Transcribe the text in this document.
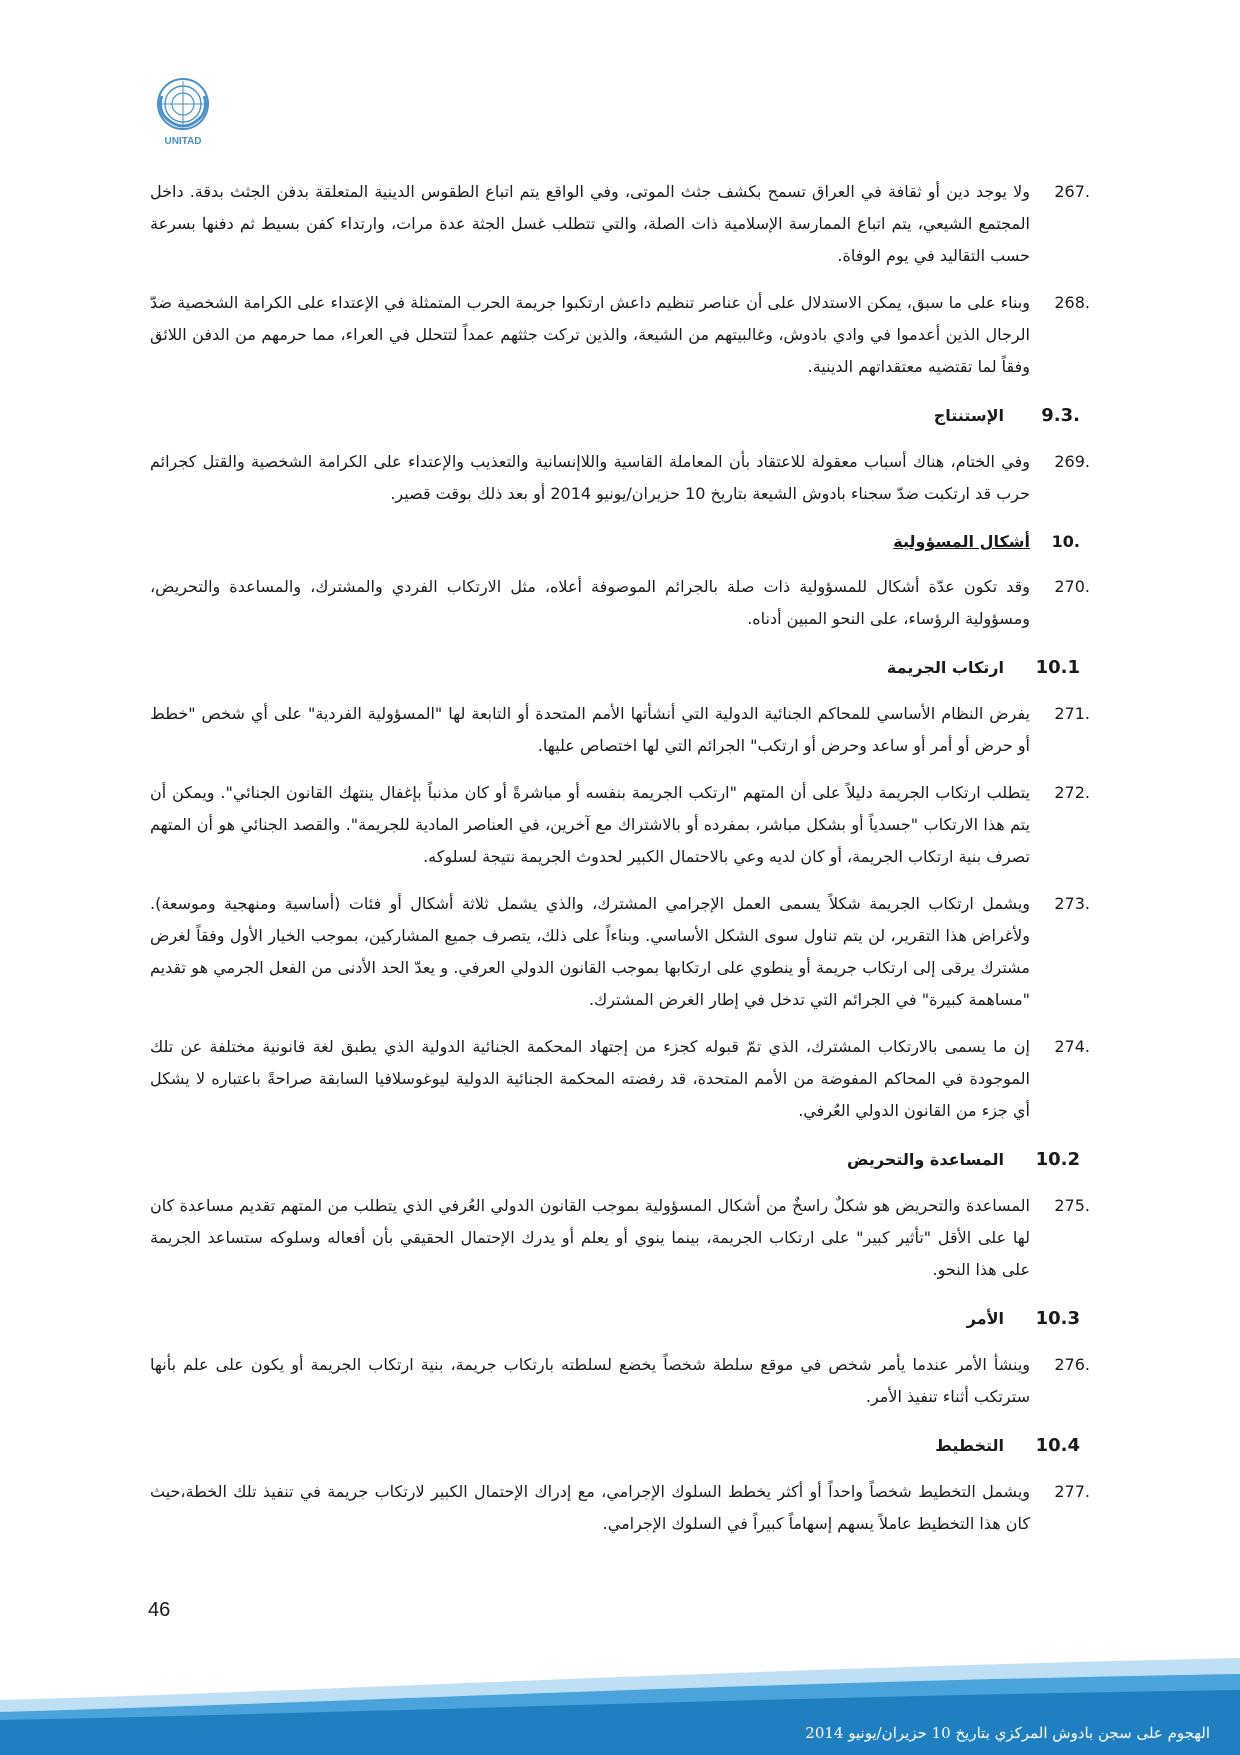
UNITAD
267.
ولا يوجد دين أو ثقافة في العراق تسمح بكشف جثث الموتى، وفي الواقع يتم اتباع الطقوس الدينية المتعلقة بدفن الجثث بدقة. داخل المجتمع الشيعي، يتم اتباع الممارسة الإسلامية ذات الصلة، والتي تتطلب غسل الجثة عدة مرات، وارتداء كفن بسيط ثم دفنها بسرعة حسب التقاليد في يوم الوفاة.
268.
وبناء على ما سبق، يمكن الاستدلال على أن عناصر تنظيم داعش ارتكبوا جريمة الحرب المتمثلة في الإعتداء على الكرامة الشخصية ضدّ الرجال الذين أعدموا في وادي بادوش، وغالبيتهم من الشيعة، والذين تركت جثثهم عمداً لتتحلل في العراء، مما حرمهم من الدفن اللائق وفقاً لما تقتضيه معتقداتهم الدينية.
9.3.
الإستنتاج
269.
وفي الختام، هناك أسباب معقولة للاعتقاد بأن المعاملة القاسية واللاإنسانية والتعذيب والإعتداء على الكرامة الشخصية والقتل كجرائم حرب قد ارتكبت ضدّ سجناء بادوش الشيعة بتاريخ 10 حزيران/يونيو 2014 أو بعد ذلك بوقت قصير.
10.
أشكال المسؤولية
270.
وقد تكون عدّة أشكال للمسؤولية ذات صلة بالجرائم الموصوفة أعلاه، مثل الارتكاب الفردي والمشترك، والمساعدة والتحريض، ومسؤولية الرؤساء، على النحو المبين أدناه.
10.1
ارتكاب الجريمة
271.
يفرض النظام الأساسي للمحاكم الجنائية الدولية التي أنشأتها الأمم المتحدة أو التابعة لها "المسؤولية الفردية" على أي شخص "خطط أو حرض أو أمر أو ساعد وحرض أو ارتكب" الجرائم التي لها اختصاص عليها.
272.
يتطلب ارتكاب الجريمة دليلاً على أن المتهم "ارتكب الجريمة بنفسه أو مباشرةً أو كان مذنباً بإغفال ينتهك القانون الجنائي". ويمكن أن يتم هذا الارتكاب "جسدياً أو بشكل مباشر، بمفرده أو بالاشتراك مع آخرين، في العناصر المادية للجريمة". والقصد الجنائي هو أن المتهم تصرف بنية ارتكاب الجريمة، أو كان لديه وعي بالاحتمال الكبير لحدوث الجريمة نتيجة لسلوكه.
273.
ويشمل ارتكاب الجريمة شكلاً يسمى العمل الإجرامي المشترك، والذي يشمل ثلاثة أشكال أو فئات (أساسية ومنهجية وموسعة). ولأغراض هذا التقرير، لن يتم تناول سوى الشكل الأساسي. وبناءاً على ذلك، يتصرف جميع المشاركين، بموجب الخيار الأول وفقاً لغرض مشترك يرقى إلى ارتكاب جريمة أو ينطوي على ارتكابها بموجب القانون الدولي العرفي. و يعدّ الحد الأدنى من الفعل الجرمي هو تقديم "مساهمة كبيرة" في الجرائم التي تدخل في إطار الغرض المشترك.
274.
إن ما يسمى بالارتكاب المشترك، الذي تمّ قبوله كجزء من إجتهاد المحكمة الجنائية الدولية الذي يطبق لغة قانونية مختلفة عن تلك الموجودة في المحاكم المفوضة من الأمم المتحدة، قد رفضته المحكمة الجنائية الدولية ليوغوسلافيا السابقة صراحةً باعتباره لا يشكل أي جزء من القانون الدولي العُرفي.
10.2
المساعدة والتحريض
275.
المساعدة والتحريض هو شكلٌ راسخٌ من أشكال المسؤولية بموجب القانون الدولي العُرفي الذي يتطلب من المتهم تقديم مساعدة كان لها على الأقل "تأثير كبير" على ارتكاب الجريمة، بينما ينوي أو يعلم أو يدرك الإحتمال الحقيقي بأن أفعاله وسلوكه ستساعد الجريمة على هذا النحو.
10.3
الأمر
276.
وينشأ الأمر عندما يأمر شخص في موقع سلطة شخصاً يخضع لسلطته بارتكاب جريمة، بنية ارتكاب الجريمة أو يكون على علم بأنها سترتكب أثناء تنفيذ الأمر.
10.4
التخطيط
277.
ويشمل التخطيط شخصاً واحداً أو أكثر يخطط السلوك الإجرامي، مع إدراك الإحتمال الكبير لارتكاب جريمة في تنفيذ تلك الخطة،حيث كان هذا التخطيط عاملاً يسهم إسهاماً كبيراً في السلوك الإجرامي.
46
الهجوم على سجن بادوش المركزي بتاريخ 10 حزيران/يونيو 2014
